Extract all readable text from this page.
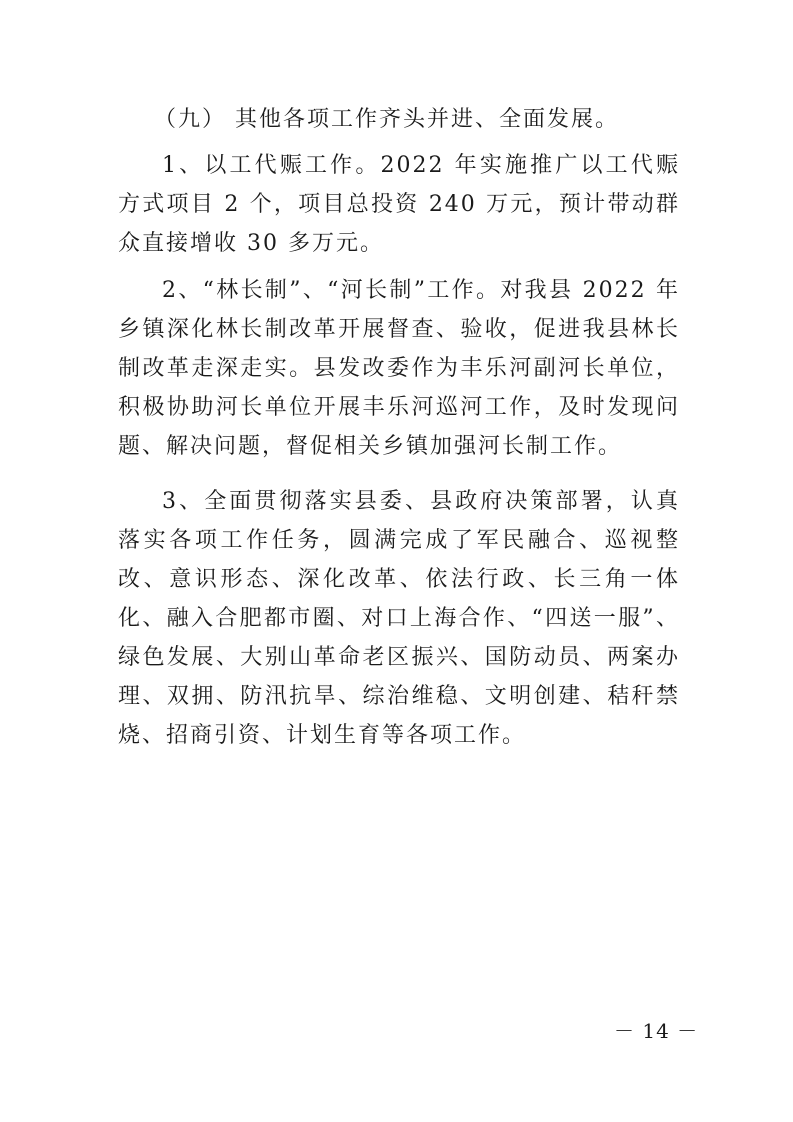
（九） 其他各项工作齐头并进、全面发展。

1、以工代赈工作。2022 年实施推广以工代赈方式项目 2 个，项目总投资 240 万元，预计带动群众直接增收 30 多万元。

2、“林长制”、“河长制”工作。对我县 2022 年乡镇深化林长制改革开展督查、验收，促进我县林长制改革走深走实。县发改委作为丰乐河副河长单位，积极协助河长单位开展丰乐河巡河工作，及时发现问题、解决问题，督促相关乡镇加强河长制工作。

3、全面贯彻落实县委、县政府决策部署，认真落实各项工作任务，圆满完成了军民融合、巡视整改、意识形态、深化改革、依法行政、长三角一体化、融入合肥都市圈、对口上海合作、“四送一服”、绿色发展、大别山革命老区振兴、国防动员、两案办理、双拥、防汛抗旱、综治维稳、文明创建、秸秆禁烧、招商引资、计划生育等各项工作。

－ 14 －
